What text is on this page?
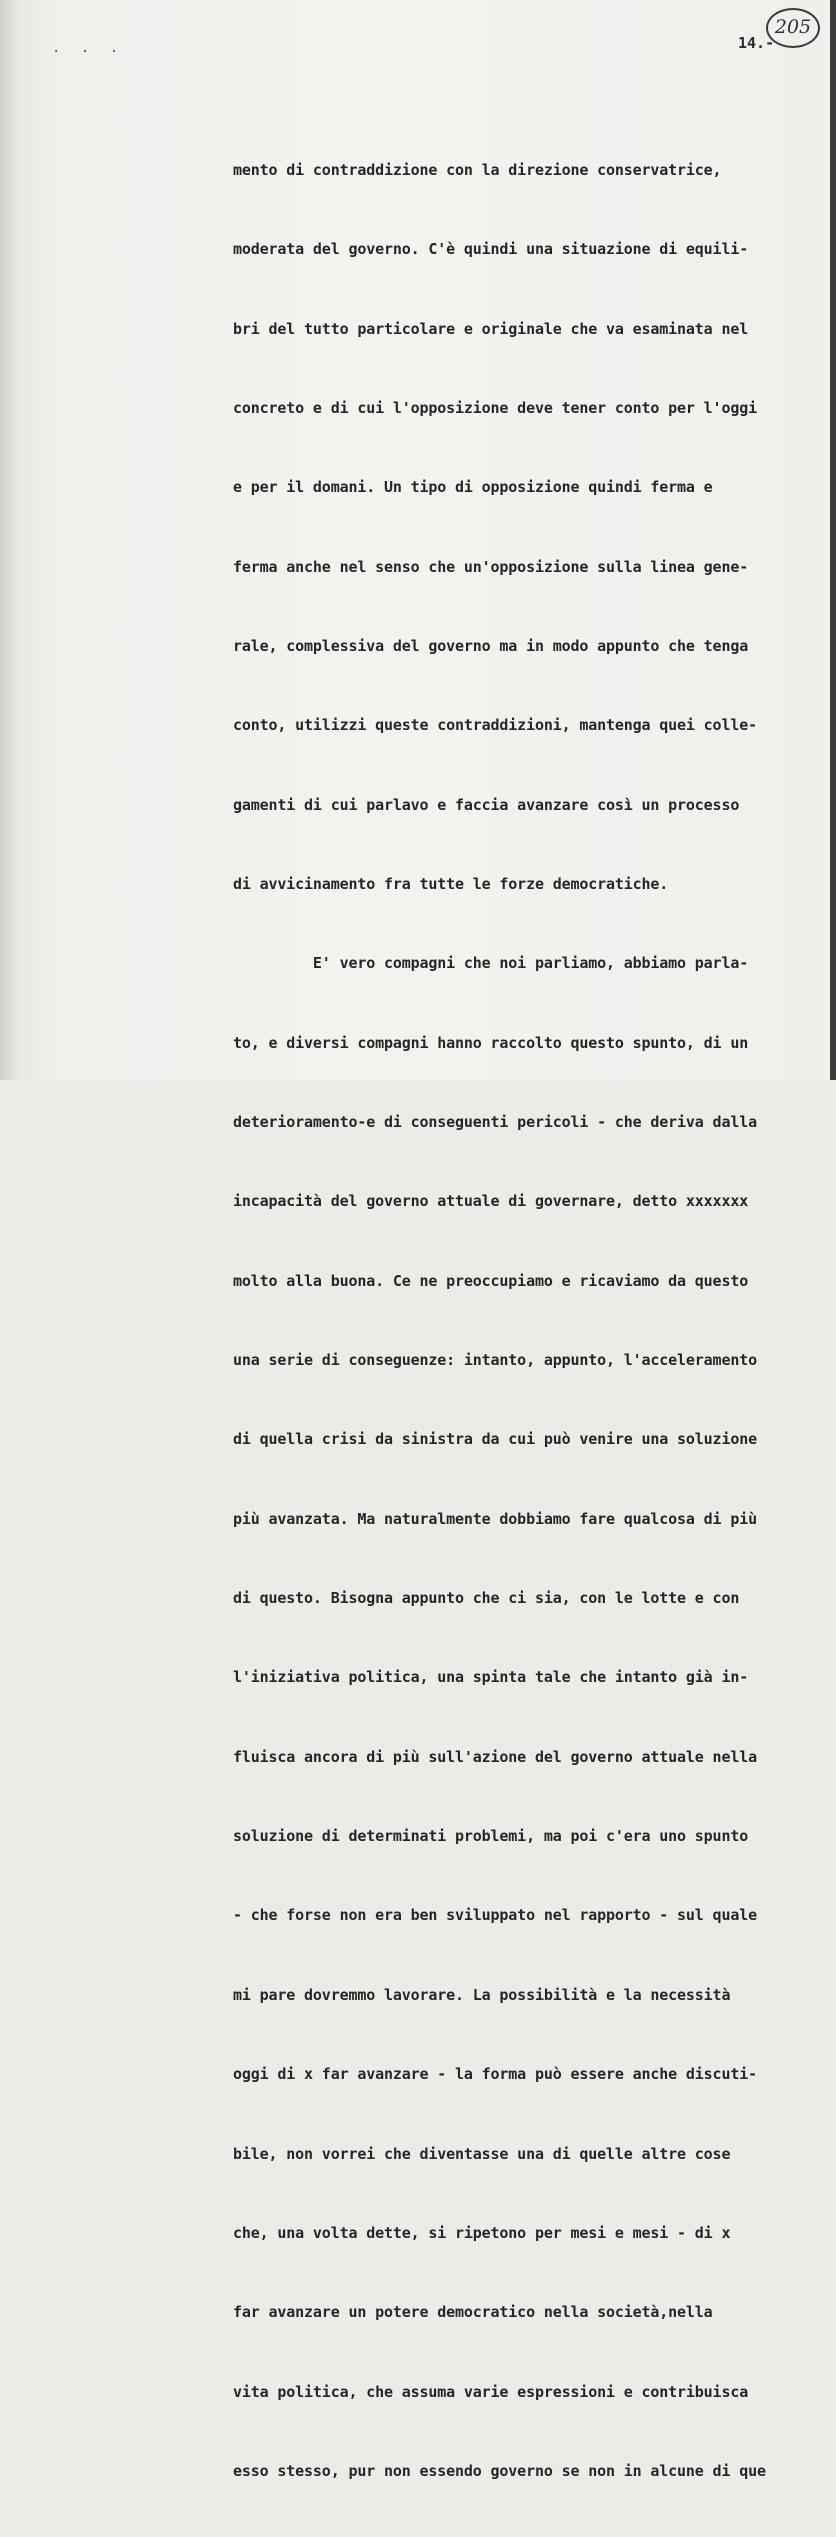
· · ·	14.-
205

mento di contraddizione con la direzione conservatrice,

moderata del governo. C'è quindi una situazione di equili-

bri del tutto particolare e originale che va esaminata nel

concreto e di cui l'opposizione deve tener conto per l'oggi

e per il domani. Un tipo di opposizione quindi ferma e

ferma anche nel senso che un'opposizione sulla linea gene-

rale, complessiva del governo ma in modo appunto che tenga

conto, utilizzi queste contraddizioni, mantenga quei colle-

gamenti di cui parlavo e faccia avanzare così un processo

di avvicinamento fra tutte le forze democratiche.

E' vero compagni che noi parliamo, abbiamo parla-

to, e diversi compagni hanno raccolto questo spunto, di un

deterioramento-e di conseguenti pericoli - che deriva dalla

incapacità del governo attuale di governare, detto xxxxxxx

molto alla buona. Ce ne preoccupiamo e ricaviamo da questo

una serie di conseguenze: intanto, appunto, l'acceleramento

di quella crisi da sinistra da cui può venire una soluzione

più avanzata. Ma naturalmente dobbiamo fare qualcosa di più

di questo. Bisogna appunto che ci sia, con le lotte e con

l'iniziativa politica, una spinta tale che intanto già in-

fluisca ancora di più sull'azione del governo attuale nella

soluzione di determinati problemi, ma poi c'era uno spunto

- che forse non era ben sviluppato nel rapporto - sul quale

mi pare dovremmo lavorare. La possibilità e la necessità

oggi di x far avanzare - la forma può essere anche discuti-

bile, non vorrei che diventasse una di quelle altre cose

che, una volta dette, si ripetono per mesi e mesi - di x

far avanzare un potere democratico nella società,nella

vita politica, che assuma varie espressioni e contribuisca

esso stesso, pur non essendo governo se non in alcune di que
